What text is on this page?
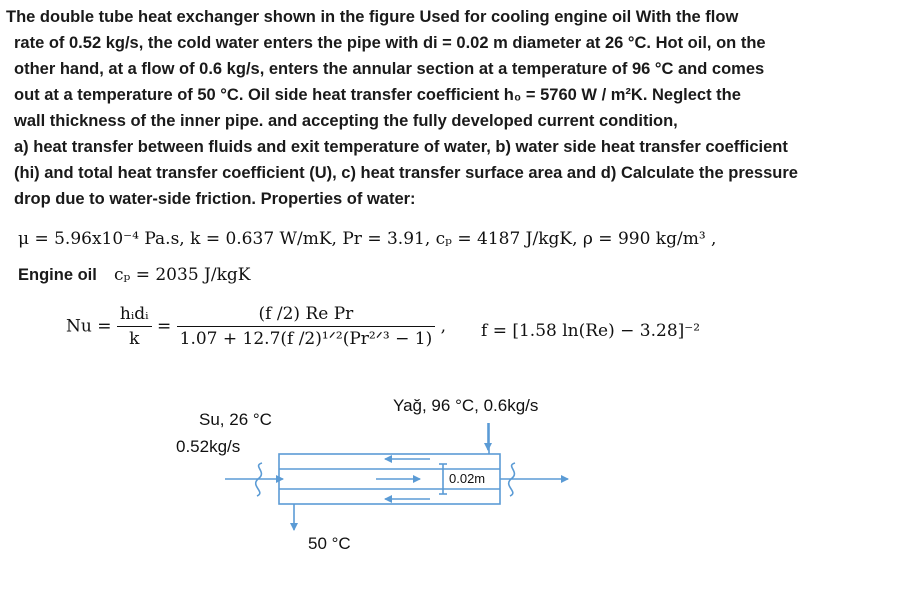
The double tube heat exchanger shown in the figure Used for cooling engine oil With the flow
rate of 0.52 kg/s, the cold water enters the pipe with di = 0.02 m diameter at 26 °C. Hot oil, on the
other hand, at a flow of 0.6 kg/s, enters the annular section at a temperature of 96 °C and comes
out at a temperature of 50 °C. Oil side heat transfer coefficient h₀ = 5760 W / m²K. Neglect the
wall thickness of the inner pipe. and accepting the fully developed current condition,
a) heat transfer between fluids and exit temperature of water, b) water side heat transfer coefficient
(hi) and total heat transfer coefficient (U), c) heat transfer surface area and d) Calculate the pressure
drop due to water-side friction. Properties of water:
μ = 5.96x10⁻⁴ Pa.s, k = 0.637 W/mK, Pr = 3.91, cₚ = 4187 J/kgK, ρ = 990 kg/m³ ,
Engine oil cₚ = 2035 J/kgK
$Nu = \frac{\text{hᵢdᵢ}}{k} = \frac{\text{(f /2) Re Pr}}{\text{1.07 + 12.7(f /2)¹ᐟ²(Pr²ᐟ³ − 1)}}$ , f = [1.58 ln(Re) − 3.28]⁻²
Yağ, 96 °C, 0.6kg/s
Su, 26 °C
0.52kg/s
0.02m
50 °C
